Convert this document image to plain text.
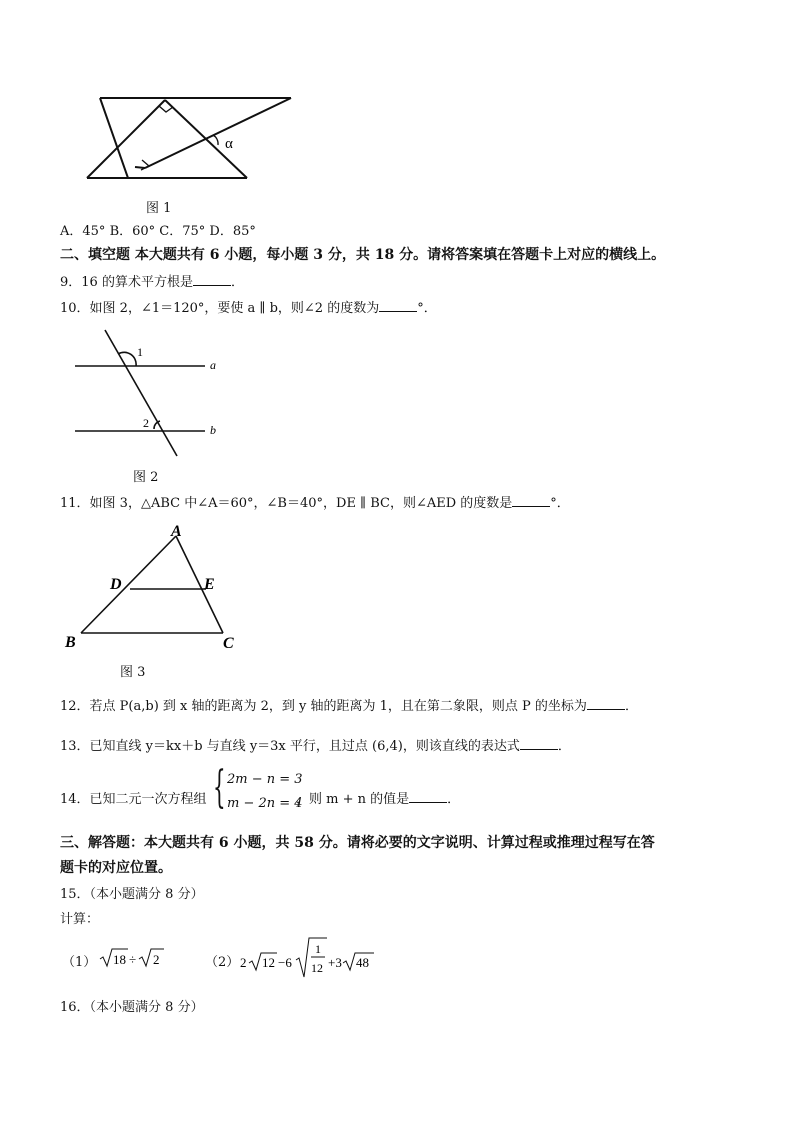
α
图 1
A．45° B．60° C．75° D．85°
二、填空题 本大题共有 6 小题，每小题 3 分，共 18 分。请将答案填在答题卡上对应的横线上。
9．16 的算术平方根是	．
10．如图 2，∠1＝120°，要使 a ∥ b，则∠2 的度数为	°．
1
2
a
b
图 2
11．如图 3，△ABC 中∠A＝60°，∠B＝40°，DE ∥ BC，则∠AED 的度数是	°．
A
D	E
B	C
图 3
12．若点 P(a,b) 到 x 轴的距离为 2，到 y 轴的距离为 1，且在第二象限，则点 P 的坐标为	．
13．已知直线 y＝kx＋b 与直线 y＝3x 平行，且过点 (6,4)，则该直线的表达式	．
14．已知二元一次方程组 { 2m − n = 3
m − 2n = 4
，则 m + n 的值是	．
三、解答题：本大题共有 6 小题，共 58 分。请将必要的文字说明、计算过程或推理过程写在答
题卡的对应位置。
15．（本小题满分 8 分）
计算：
（1） 18 ÷ 2	（2） 2 12 −6
1
12 +3 48
16．（本小题满分 8 分）
